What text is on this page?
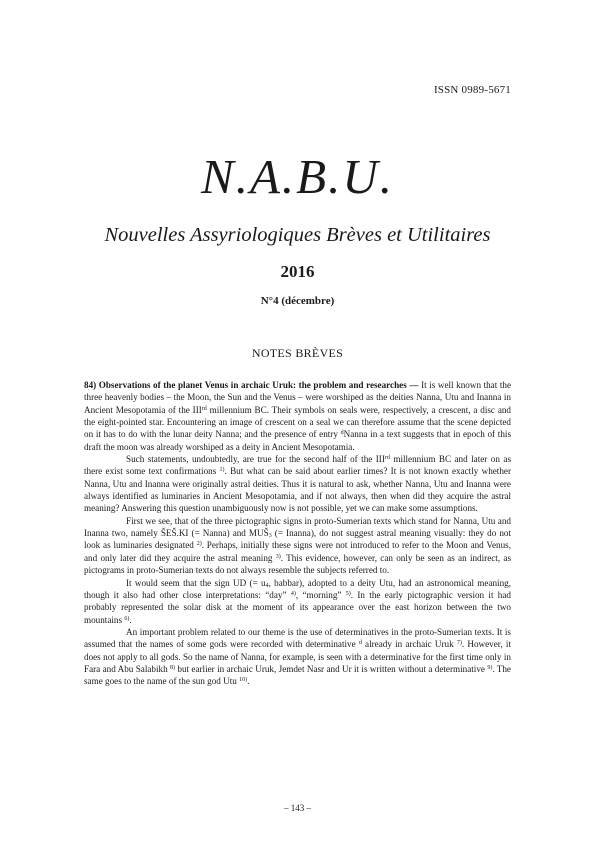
ISSN 0989-5671
N.A.B.U.
Nouvelles Assyriologiques Brèves et Utilitaires
2016
N°4 (décembre)
NOTES BRÈVES

84) Observations of the planet Venus in archaic Uruk: the problem and researches — It is well known that the three heavenly bodies – the Moon, the Sun and the Venus – were worshiped as the deities Nanna, Utu and Inanna in Ancient Mesopotamia of the IIIrd millennium BC. Their symbols on seals were, respectively, a crescent, a disc and the eight-pointed star. Encountering an image of crescent on a seal we can therefore assume that the scene depicted on it has to do with the lunar deity Nanna; and the presence of entry $^d$Nanna in a text suggests that in epoch of this draft the moon was already worshiped as a deity in Ancient Mesopotamia.

Such statements, undoubtedly, are true for the second half of the IIIrd millennium BC and later on as there exist some text confirmations $^{1)}$. But what can be said about earlier times? It is not known exactly whether Nanna, Utu and Inanna were originally astral deities. Thus it is natural to ask, whether Nanna, Utu and Inanna were always identified as luminaries in Ancient Mesopotamia, and if not always, then when did they acquire the astral meaning? Answering this question unambiguously now is not possible, yet we can make some assumptions.

First we see, that of the three pictographic signs in proto-Sumerian texts which stand for Nanna, Utu and Inanna two, namely ŠEŠ.KI (= Nanna) and $MUŠ_3$ (= Inanna), do not suggest astral meaning visually: they do not look as luminaries designated $^{2)}$. Perhaps, initially these signs were not introduced to refer to the Moon and Venus, and only later did they acquire the astral meaning $^{3)}$. This evidence, however, can only be seen as an indirect, as pictograms in proto-Sumerian texts do not always resemble the subjects referred to.

It would seem that the sign UD (= $u_4$, babbar), adopted to a deity Utu, had an astronomical meaning, though it also had other close interpretations: “day” $^{4)}$, “morning” $^{5)}$. In the early pictographic version it had probably represented the solar disk at the moment of its appearance over the east horizon between the two mountains $^{6)}$.

An important problem related to our theme is the use of determinatives in the proto-Sumerian texts. It is assumed that the names of some gods were recorded with determinative $^d$ already in archaic Uruk $^{7)}$. However, it does not apply to all gods. So the name of Nanna, for example, is seen with a determinative for the first time only in Fara and Abu Salabikh $^{8)}$ but earlier in archaic Uruk, Jemdet Nasr and Ur it is written without a determinative $^{9)}$. The same goes to the name of the sun god Utu $^{10)}$.

– 143 –
